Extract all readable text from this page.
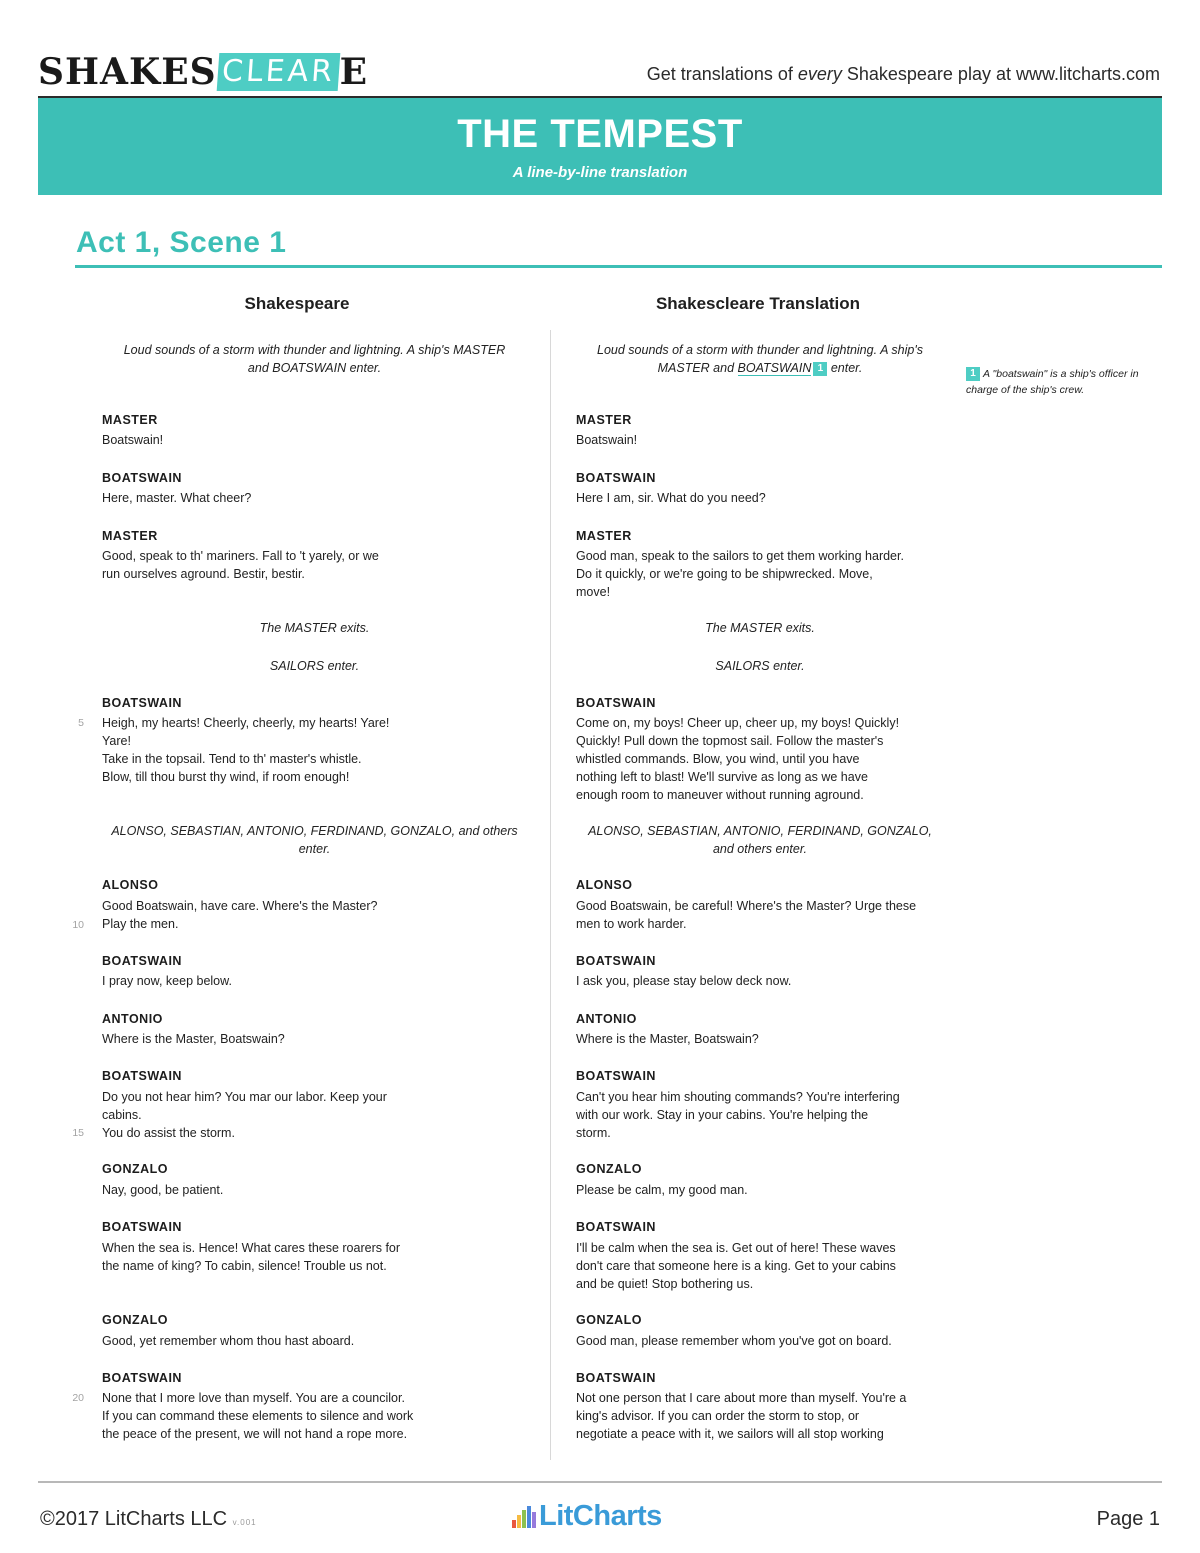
SHAKES CLEAR E	Get translations of every Shakespeare play at www.litcharts.com
THE TEMPEST
A line-by-line translation
Act 1, Scene 1
Shakespeare	Shakescleare Translation
Loud sounds of a storm with thunder and lightning. A ship's MASTER
and BOATSWAIN enter.
MASTER
Boatswain!
BOATSWAIN
Here, master. What cheer?
MASTER
Good, speak to th' mariners. Fall to 't yarely, or we
run ourselves aground. Bestir, bestir.
The MASTER exits.
SAILORS enter.
BOATSWAIN
5 Heigh, my hearts! Cheerly, cheerly, my hearts! Yare!
Yare!
Take in the topsail. Tend to th' master's whistle.
Blow, till thou burst thy wind, if room enough!
ALONSO, SEBASTIAN, ANTONIO, FERDINAND, GONZALO, and others
enter.
ALONSO
10
Good Boatswain, have care. Where's the Master?
Play the men.
BOATSWAIN
I pray now, keep below.
ANTONIO
Where is the Master, Boatswain?
BOATSWAIN
15
Do you not hear him? You mar our labor. Keep your
cabins.
You do assist the storm.
GONZALO
Nay, good, be patient.
BOATSWAIN
When the sea is. Hence! What cares these roarers for
the name of king? To cabin, silence! Trouble us not.
GONZALO
Good, yet remember whom thou hast aboard.
BOATSWAIN
20 None that I more love than myself. You are a councilor.
If you can command these elements to silence and work
the peace of the present, we will not hand a rope more.
Loud sounds of a storm with thunder and lightning. A ship's
MASTER and BOATSWAIN 1 enter.
MASTER
Boatswain!
BOATSWAIN
Here I am, sir. What do you need?
MASTER
Good man, speak to the sailors to get them working harder.
Do it quickly, or we're going to be shipwrecked. Move,
move!
The MASTER exits.
SAILORS enter.
BOATSWAIN
Come on, my boys! Cheer up, cheer up, my boys! Quickly!
Quickly! Pull down the topmost sail. Follow the master's
whistled commands. Blow, you wind, until you have
nothing left to blast! We'll survive as long as we have
enough room to maneuver without running aground.
ALONSO, SEBASTIAN, ANTONIO, FERDINAND, GONZALO,
and others enter.
ALONSO
Good Boatswain, be careful! Where's the Master? Urge these
men to work harder.
BOATSWAIN
I ask you, please stay below deck now.
ANTONIO
Where is the Master, Boatswain?
BOATSWAIN
Can't you hear him shouting commands? You're interfering
with our work. Stay in your cabins. You're helping the
storm.
GONZALO
Please be calm, my good man.
BOATSWAIN
I'll be calm when the sea is. Get out of here! These waves
don't care that someone here is a king. Get to your cabins
and be quiet! Stop bothering us.
GONZALO
Good man, please remember whom you've got on board.
BOATSWAIN
Not one person that I care about more than myself. You're a
king's advisor. If you can order the storm to stop, or
negotiate a peace with it, we sailors will all stop working
1 A "boatswain" is a ship's officer in
charge of the ship's crew.
©2017 LitCharts LLC v.001	LitCharts	Page 1
